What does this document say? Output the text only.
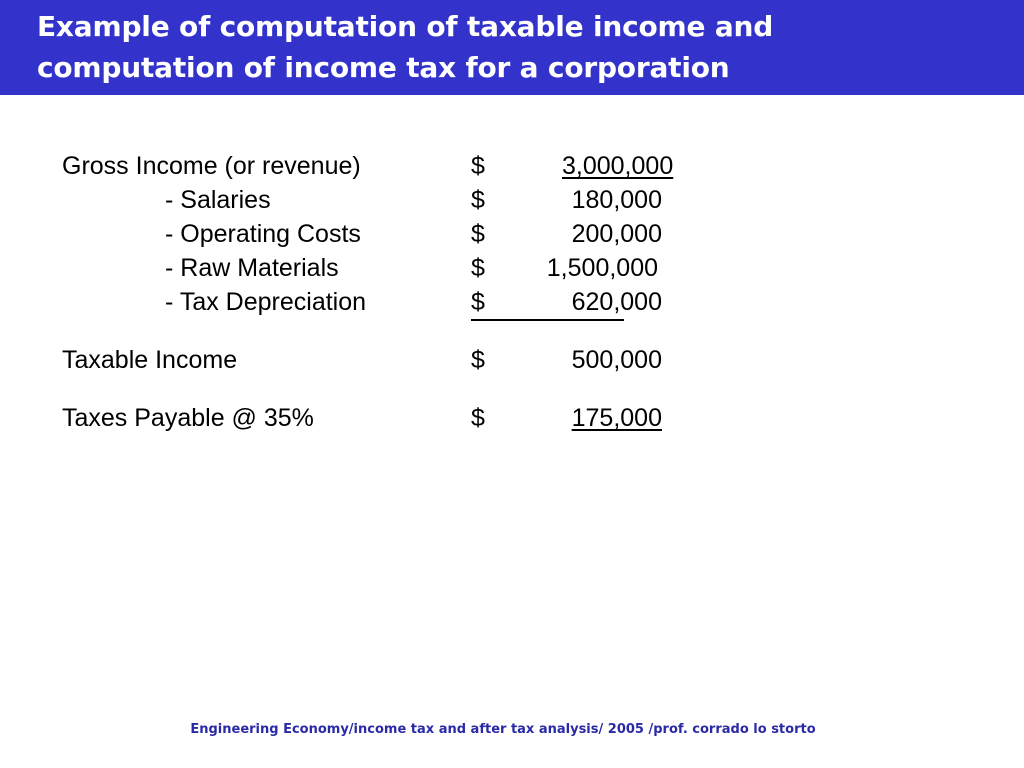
Example of computation of taxable income and
computation of income tax for a corporation
Gross Income (or revenue)	$	3,000,000
- Salaries	$	180,000
- Operating Costs	$	200,000
- Raw Materials	$	1,500,000
- Tax Depreciation	$	620,000
Taxable Income	$	500,000
Taxes Payable @ 35%	$	175,000
Engineering Economy/income tax and after tax analysis/ 2005 /prof. corrado lo storto
